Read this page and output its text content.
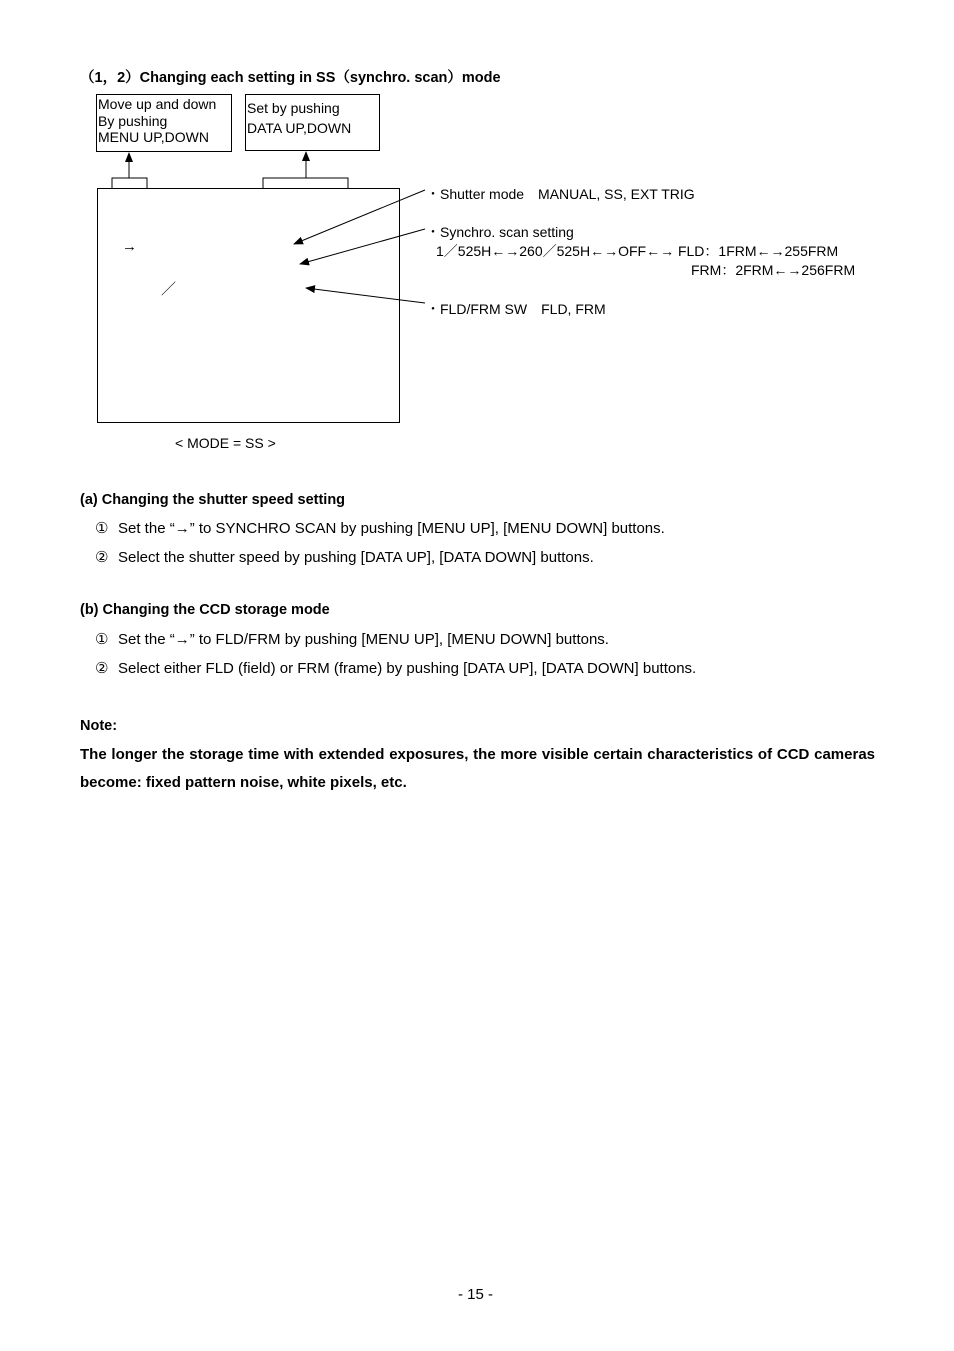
（1，2）Changing each setting in SS（synchro. scan）mode
Move up and down
By pushing
MENU UP,DOWN
Set by pushing
DATA UP,DOWN
→
／
< MODE = SS >
・Shutter mode　MANUAL, SS, EXT TRIG
・Synchro. scan setting
1／525H←→260／525H←→OFF←→ FLD：1FRM←→255FRM
FRM：2FRM←→256FRM
・FLD/FRM SW　FLD, FRM
(a) Changing the shutter speed setting
① Set the “→” to SYNCHRO SCAN by pushing [MENU UP], [MENU DOWN] buttons.
② Select the shutter speed by pushing [DATA UP], [DATA DOWN] buttons.
(b) Changing the CCD storage mode
① Set the “→” to FLD/FRM by pushing [MENU UP], [MENU DOWN] buttons.
② Select either FLD (field) or FRM (frame) by pushing [DATA UP], [DATA DOWN] buttons.
Note:
The longer the storage time with extended exposures, the more visible certain characteristics of CCD cameras become: fixed pattern noise, white pixels, etc.
- 15 -
